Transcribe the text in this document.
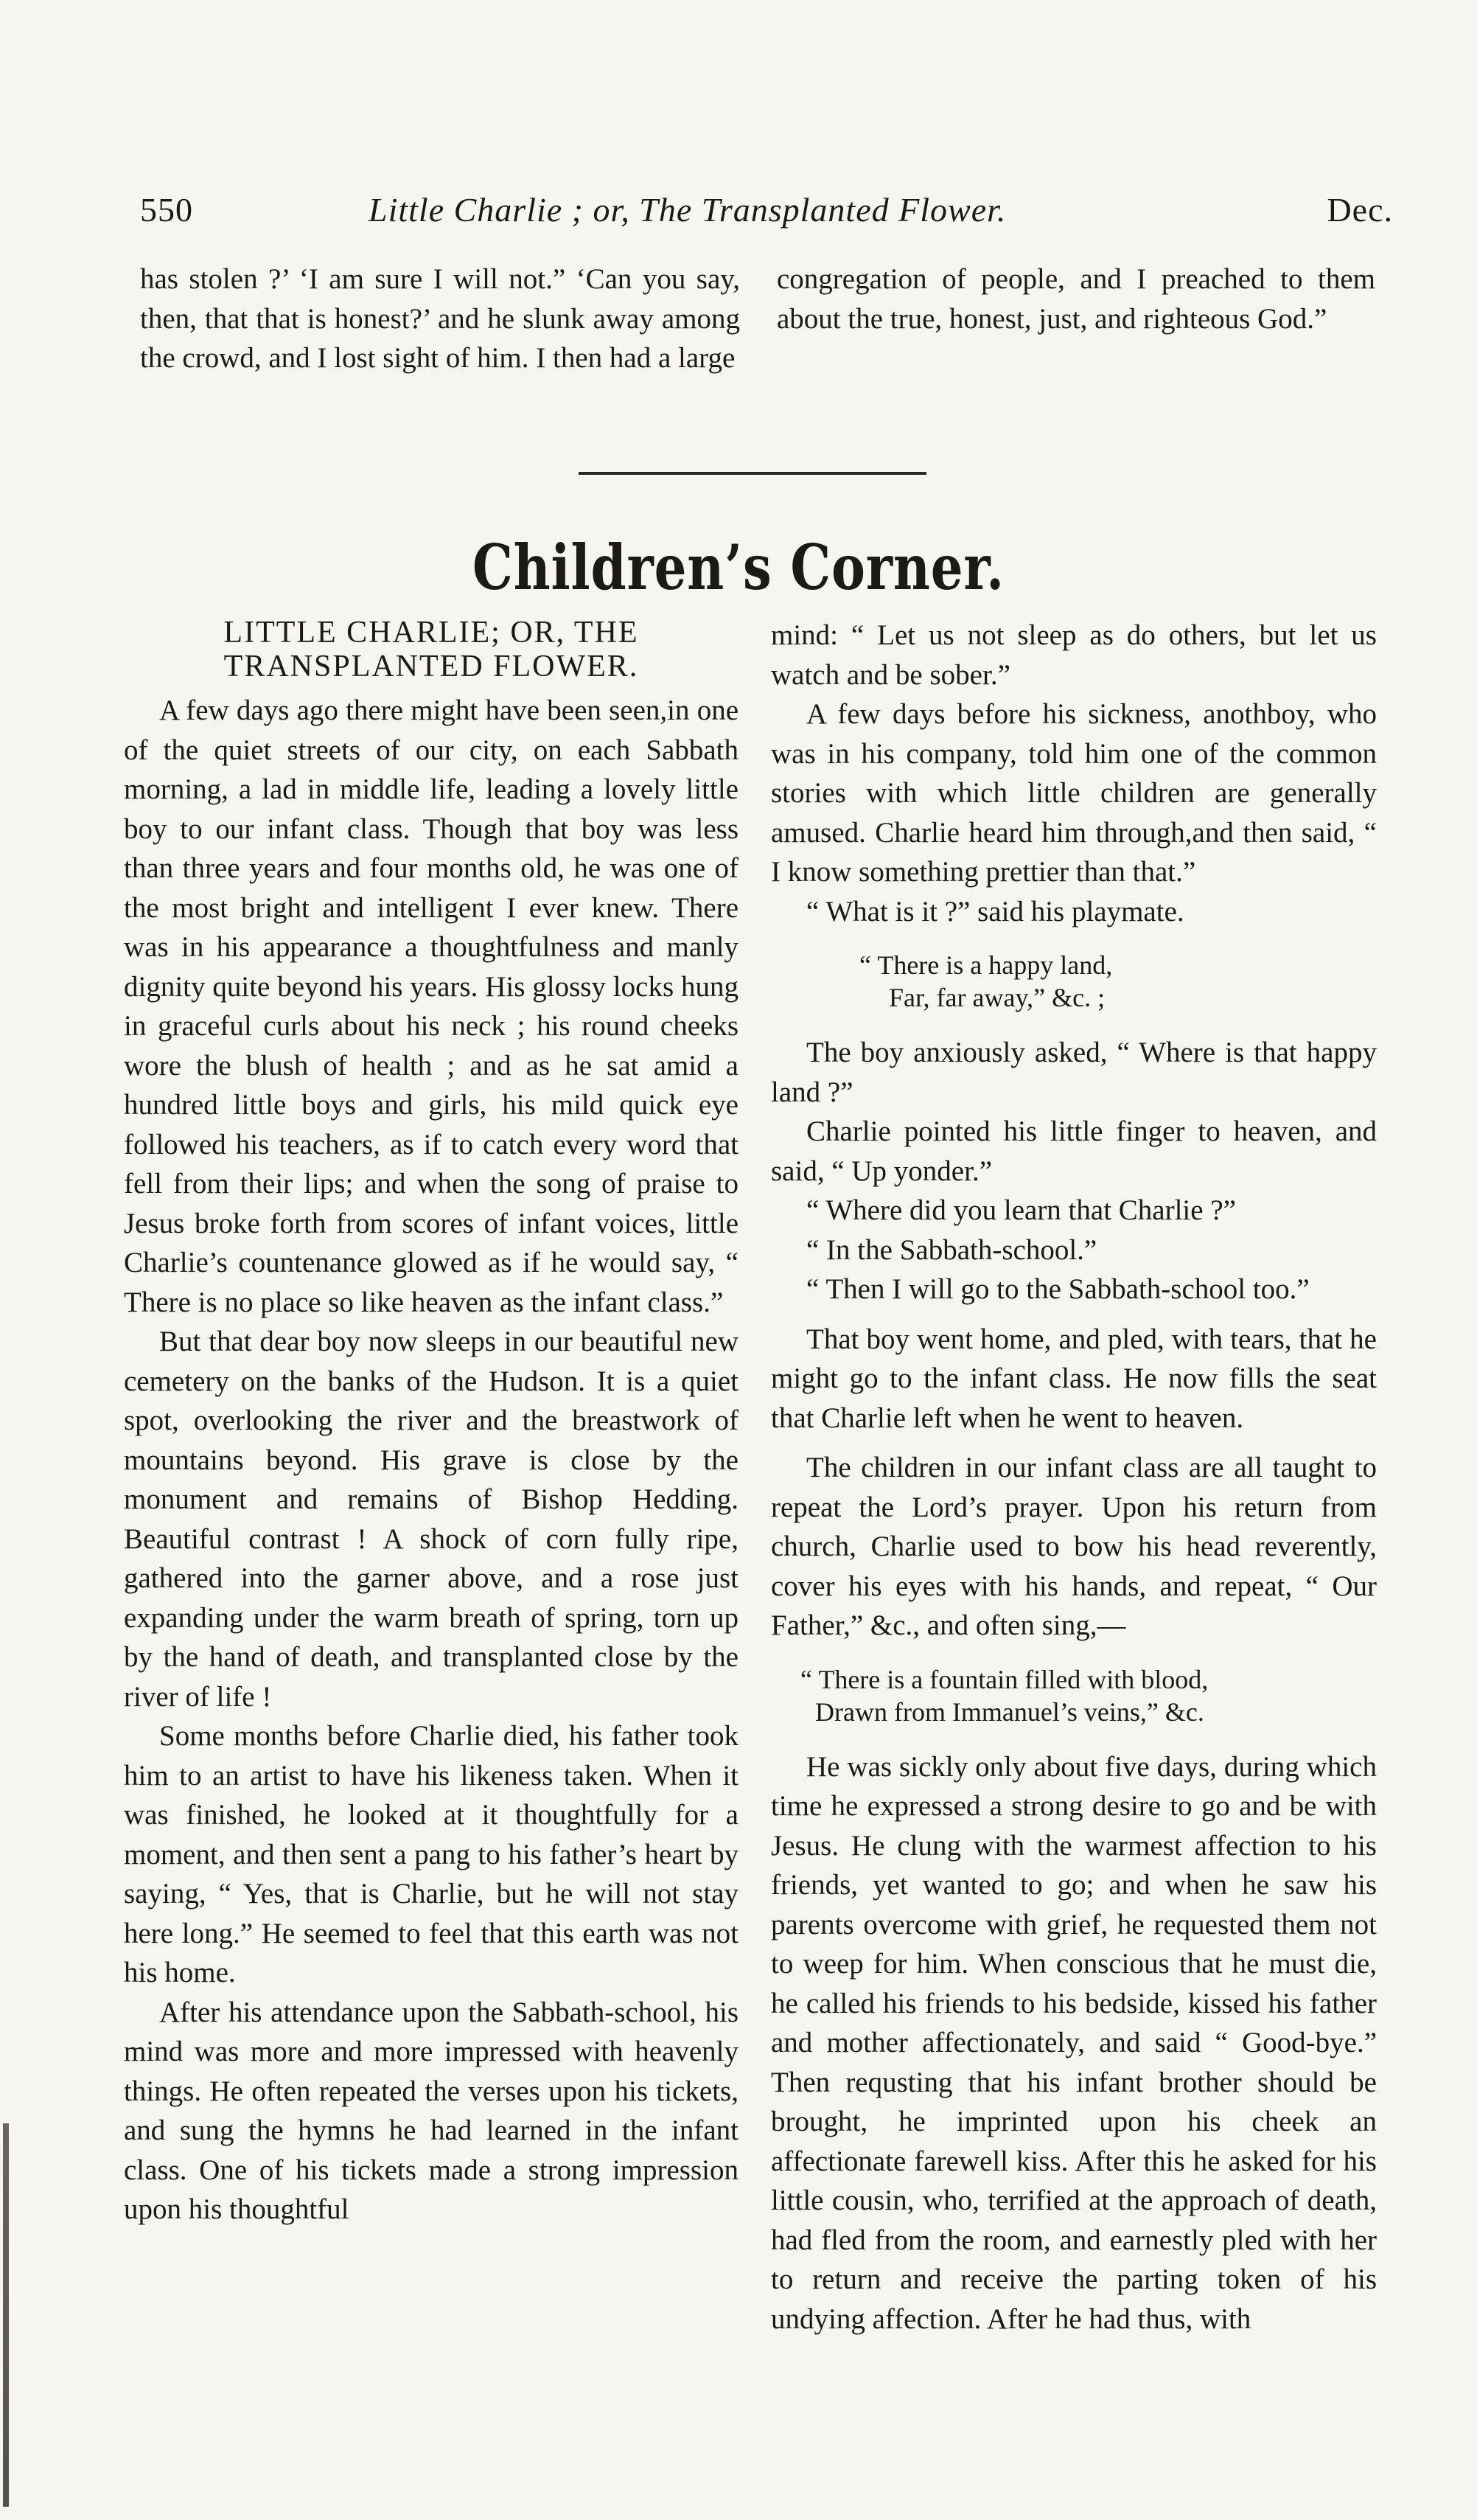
550	Little Charlie ; or, The Transplanted Flower.	Dec.

has stolen ?’ ‘I am sure I will not.” ‘Can you say, then, that that is honest?’ and he slunk away among the crowd, and I lost sight of him. I then had a large

congregation of people, and I preached to them about the true, honest, just, and righteous God.”

Children’s Corner.
LITTLE CHARLIE; OR, THE
TRANSPLANTED FLOWER.

A few days ago there might have been seen,in one of the quiet streets of our city, on each Sabbath morning, a lad in middle life, leading a lovely little boy to our infant class. Though that boy was less than three years and four months old, he was one of the most bright and intelligent I ever knew. There was in his appearance a thoughtfulness and manly dignity quite beyond his years. His glossy locks hung in graceful curls about his neck ; his round cheeks wore the blush of health ; and as he sat amid a hundred little boys and girls, his mild quick eye followed his teachers, as if to catch every word that fell from their lips; and when the song of praise to Jesus broke forth from scores of infant voices, little Charlie’s countenance glowed as if he would say, “ There is no place so like heaven as the infant class.”

But that dear boy now sleeps in our beautiful new cemetery on the banks of the Hudson. It is a quiet spot, overlooking the river and the breastwork of mountains beyond. His grave is close by the monument and remains of Bishop Hedding. Beautiful contrast ! A shock of corn fully ripe, gathered into the garner above, and a rose just expanding under the warm breath of spring, torn up by the hand of death, and transplanted close by the river of life !

Some months before Charlie died, his father took him to an artist to have his likeness taken. When it was finished, he looked at it thoughtfully for a moment, and then sent a pang to his father’s heart by saying, “ Yes, that is Charlie, but he will not stay here long.” He seemed to feel that this earth was not his home.

After his attendance upon the Sabbath-school, his mind was more and more impressed with heavenly things. He often repeated the verses upon his tickets, and sung the hymns he had learned in the infant class. One of his tickets made a strong impression upon his thoughtful

mind: “ Let us not sleep as do others, but let us watch and be sober.”

A few days before his sickness, anothboy, who was in his company, told him one of the common stories with which little children are generally amused. Charlie heard him through,and then said, “ I know something prettier than that.”

“ What is it ?” said his playmate.

“ There is a happy land,
Far, far away,” &c. ;

The boy anxiously asked, “ Where is that happy land ?”

Charlie pointed his little finger to heaven, and said, “ Up yonder.”

“ Where did you learn that Charlie ?”

“ In the Sabbath-school.”

“ Then I will go to the Sabbath-school too.”

That boy went home, and pled, with tears, that he might go to the infant class. He now fills the seat that Charlie left when he went to heaven.

The children in our infant class are all taught to repeat the Lord’s prayer. Upon his return from church, Charlie used to bow his head reverently, cover his eyes with his hands, and repeat, “ Our Father,” &c., and often sing,—

“ There is a fountain filled with blood,
Drawn from Immanuel’s veins,” &c.

He was sickly only about five days, during which time he expressed a strong desire to go and be with Jesus. He clung with the warmest affection to his friends, yet wanted to go; and when he saw his parents overcome with grief, he requested them not to weep for him. When conscious that he must die, he called his friends to his bedside, kissed his father and mother affectionately, and said “ Good-bye.” Then requsting that his infant brother should be brought, he imprinted upon his cheek an affectionate farewell kiss. After this he asked for his little cousin, who, terrified at the approach of death, had fled from the room, and earnestly pled with her to return and receive the parting token of his undying affection. After he had thus, with
